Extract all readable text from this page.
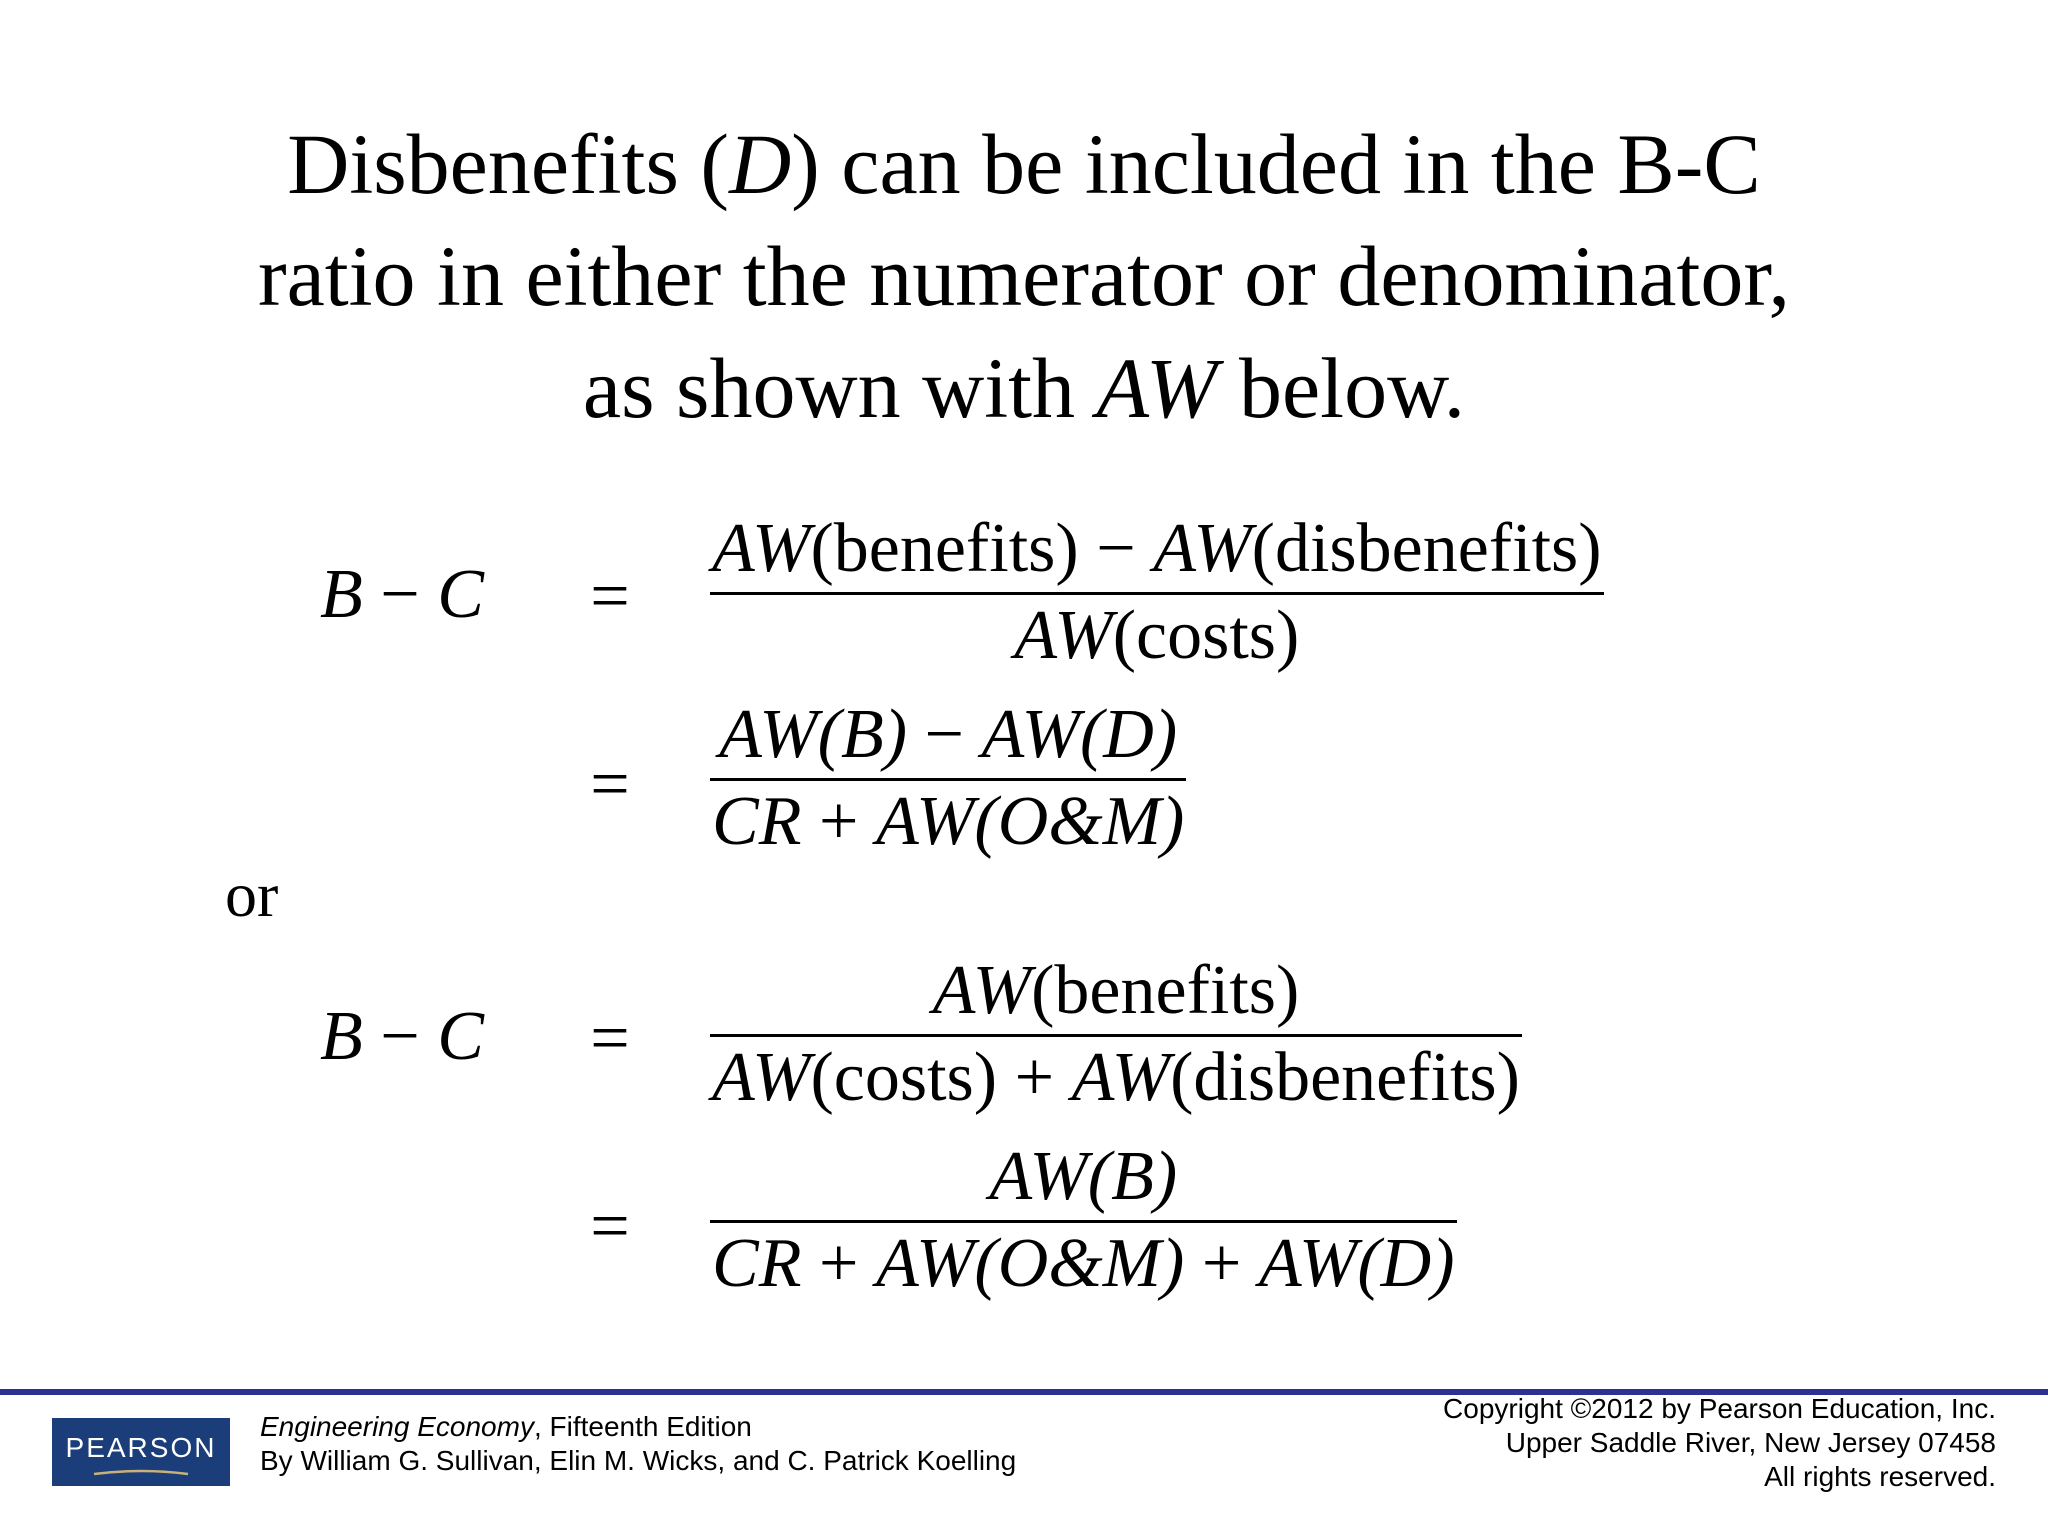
Disbenefits (D) can be included in the B-C
ratio in either the numerator or denominator,
as shown with AW below.
B − C	=
AW(benefits) − AW(disbenefits)
AW(costs)
=
AW(B) − AW(D)
CR + AW(O&M)
or
B − C	=
AW(benefits)
AW(costs) + AW(disbenefits)
=
AW(B)
CR + AW(O&M) + AW(D)
PEARSON
Engineering Economy, Fifteenth Edition
By William G. Sullivan, Elin M. Wicks, and C. Patrick Koelling
Copyright ©2012 by Pearson Education, Inc.
Upper Saddle River, New Jersey 07458
All rights reserved.
